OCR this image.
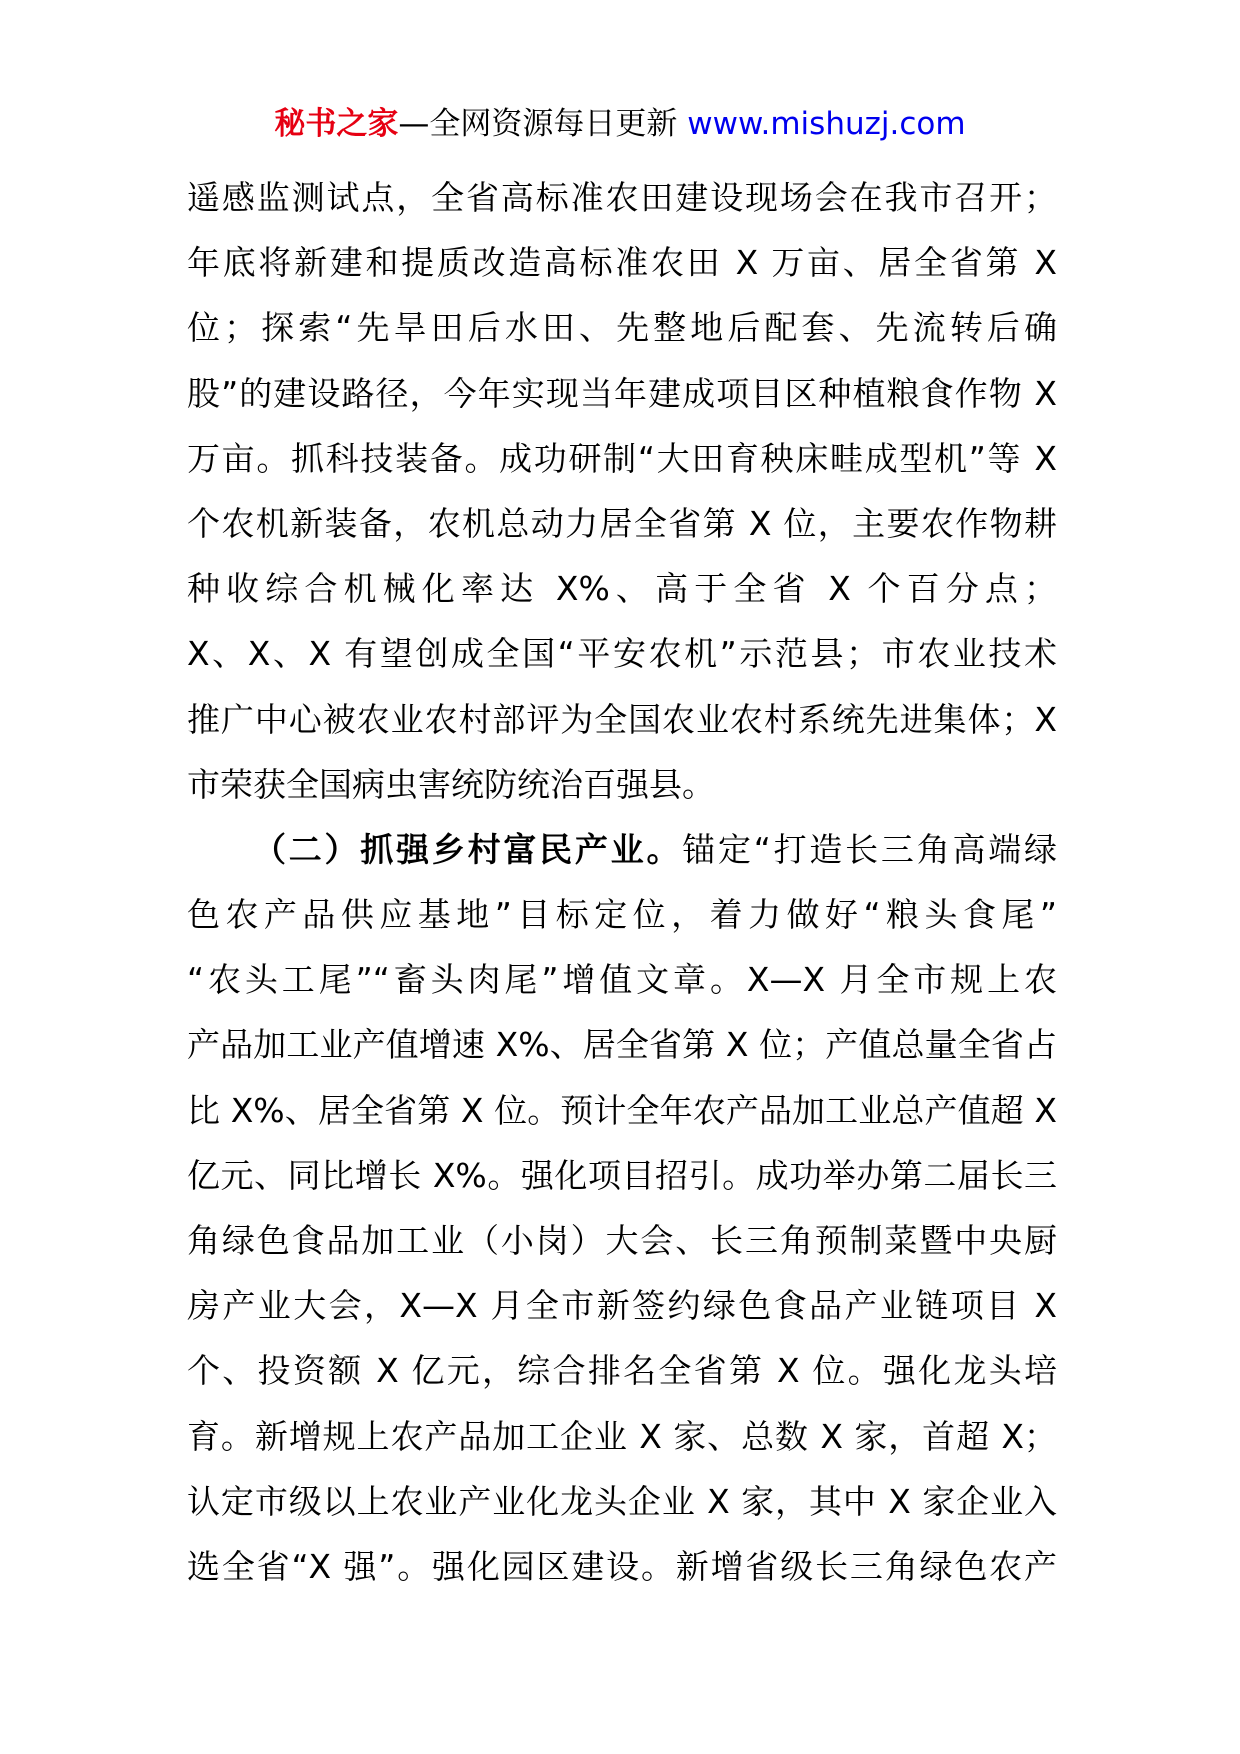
秘书之家—全网资源每日更新 www.mishuzj.com
遥感监测试点，全省高标准农田建设现场会在我市召开；
年底将新建和提质改造高标准农田 X 万亩、居全省第 X
位；探索“先旱田后水田、先整地后配套、先流转后确
股”的建设路径，今年实现当年建成项目区种植粮食作物 X
万亩。抓科技装备。成功研制“大田育秧床畦成型机”等 X
个农机新装备，农机总动力居全省第 X 位，主要农作物耕
种收综合机械化率达 X%、高于全省 X 个百分点；
X、X、X 有望创成全国“平安农机”示范县；市农业技术
推广中心被农业农村部评为全国农业农村系统先进集体；X
市荣获全国病虫害统防统治百强县。
（二）抓强乡村富民产业。锚定“打造长三角高端绿
色农产品供应基地”目标定位，着力做好“粮头食尾”
“农头工尾”“畜头肉尾”增值文章。X—X 月全市规上农
产品加工业产值增速 X%、居全省第 X 位；产值总量全省占
比 X%、居全省第 X 位。预计全年农产品加工业总产值超 X
亿元、同比增长 X%。强化项目招引。成功举办第二届长三
角绿色食品加工业（小岗）大会、长三角预制菜暨中央厨
房产业大会，X—X 月全市新签约绿色食品产业链项目 X
个、投资额 X 亿元，综合排名全省第 X 位。强化龙头培
育。新增规上农产品加工企业 X 家、总数 X 家，首超 X；
认定市级以上农业产业化龙头企业 X 家，其中 X 家企业入
选全省“X 强”。强化园区建设。新增省级长三角绿色农产
